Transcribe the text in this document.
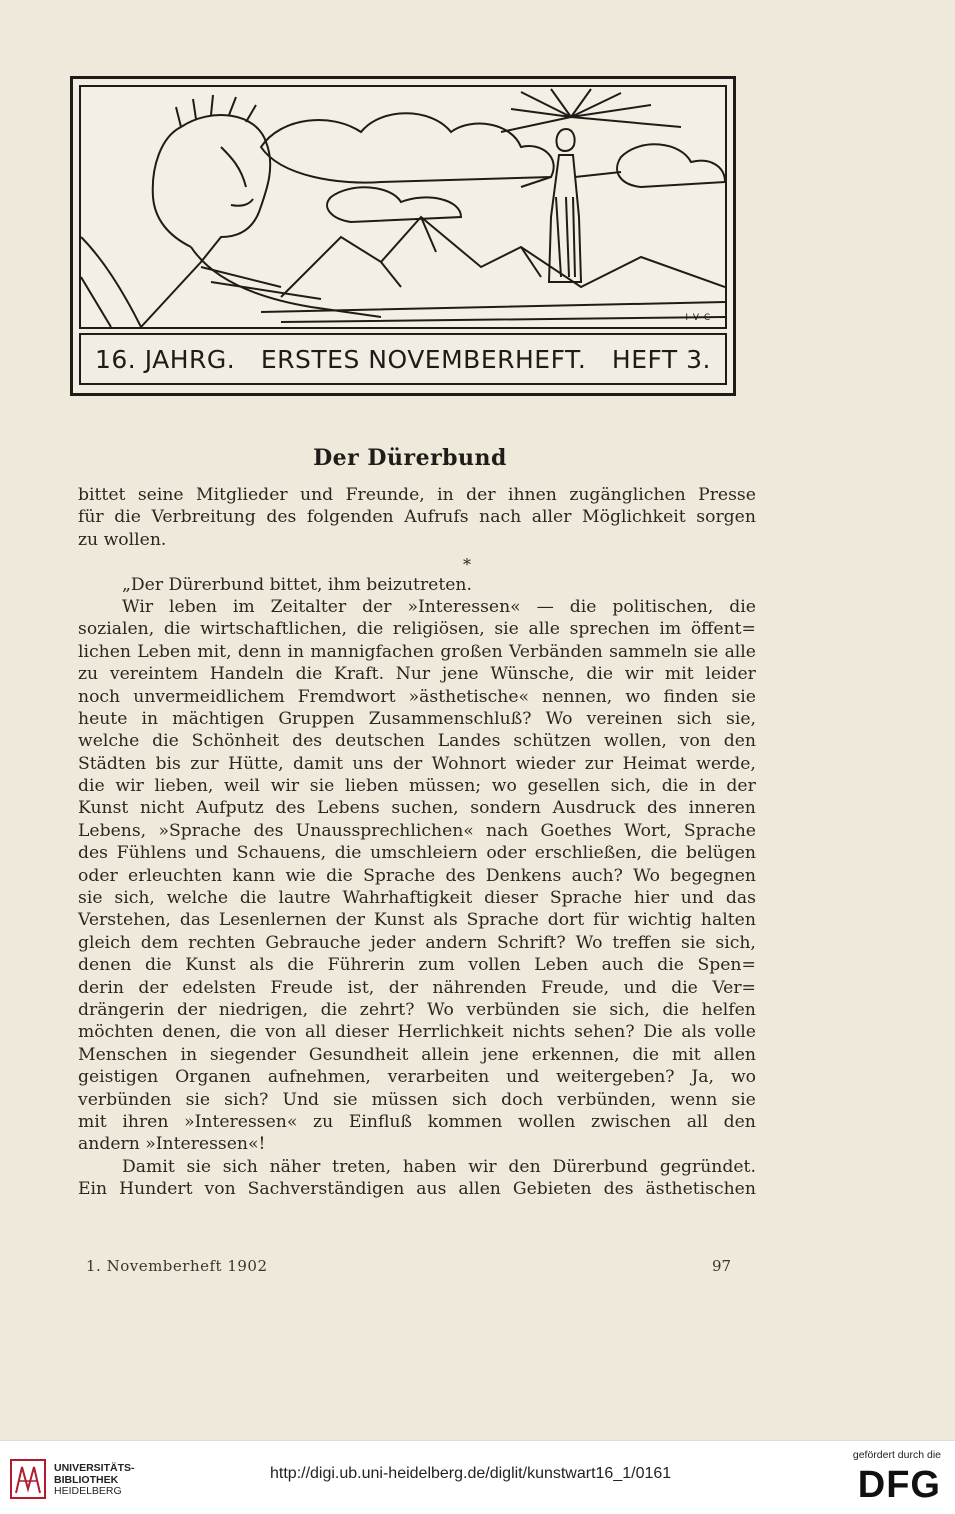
I·V·C·
16. JAHRG. ERSTES NOVEMBERHEFT. HEFT 3.
Der Dürerbund
bittet seine Mitglieder und Freunde, in der ihnen zugänglichen Presse
für die Verbreitung des folgenden Aufrufs nach aller Möglichkeit sorgen
zu wollen.
*
„Der Dürerbund bittet, ihm beizutreten.
Wir leben im Zeitalter der »Interessen« — die politischen, die
sozialen, die wirtschaftlichen, die religiösen, sie alle sprechen im öffent=
lichen Leben mit, denn in mannigfachen großen Verbänden sammeln sie alle
zu vereintem Handeln die Kraft. Nur jene Wünsche, die wir mit leider
noch unvermeidlichem Fremdwort »ästhetische« nennen, wo finden sie
heute in mächtigen Gruppen Zusammenschluß? Wo vereinen sich sie,
welche die Schönheit des deutschen Landes schützen wollen, von den
Städten bis zur Hütte, damit uns der Wohnort wieder zur Heimat werde,
die wir lieben, weil wir sie lieben müssen; wo gesellen sich, die in der
Kunst nicht Aufputz des Lebens suchen, sondern Ausdruck des inneren
Lebens, »Sprache des Unaussprechlichen« nach Goethes Wort, Sprache
des Fühlens und Schauens, die umschleiern oder erschließen, die belügen
oder erleuchten kann wie die Sprache des Denkens auch? Wo begegnen
sie sich, welche die lautre Wahrhaftigkeit dieser Sprache hier und das
Verstehen, das Lesenlernen der Kunst als Sprache dort für wichtig halten
gleich dem rechten Gebrauche jeder andern Schrift? Wo treffen sie sich,
denen die Kunst als die Führerin zum vollen Leben auch die Spen=
derin der edelsten Freude ist, der nährenden Freude, und die Ver=
drängerin der niedrigen, die zehrt? Wo verbünden sie sich, die helfen
möchten denen, die von all dieser Herrlichkeit nichts sehen? Die als volle
Menschen in siegender Gesundheit allein jene erkennen, die mit allen
geistigen Organen aufnehmen, verarbeiten und weitergeben? Ja, wo
verbünden sie sich? Und sie müssen sich doch verbünden, wenn sie
mit ihren »Interessen« zu Einfluß kommen wollen zwischen all den
andern »Interessen«!
Damit sie sich näher treten, haben wir den Dürerbund gegründet.
Ein Hundert von Sachverständigen aus allen Gebieten des ästhetischen
1. Novemberheft 1902	97
UNIVERSITÄTS-
BIBLIOTHEK
HEIDELBERG
http://digi.ub.uni-heidelberg.de/diglit/kunstwart16_1/0161
gefördert durch die
DFG
